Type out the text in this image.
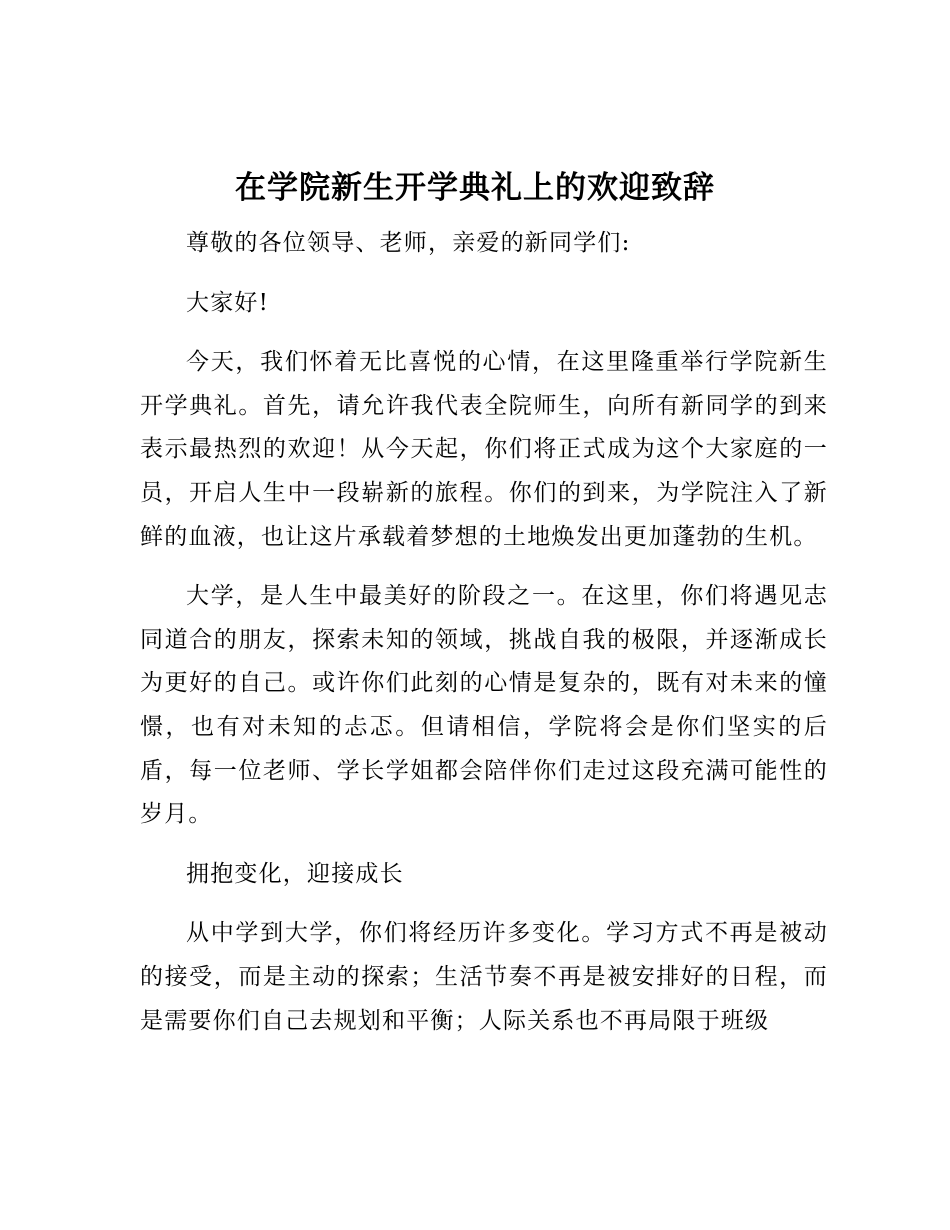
在学院新生开学典礼上的欢迎致辞

尊敬的各位领导、老师，亲爱的新同学们:

大家好!

今天，我们怀着无比喜悦的心情，在这里隆重举行学院新生开学典礼。首先，请允许我代表全院师生，向所有新同学的到来表示最热烈的欢迎！从今天起，你们将正式成为这个大家庭的一员，开启人生中一段崭新的旅程。你们的到来，为学院注入了新鲜的血液，也让这片承载着梦想的土地焕发出更加蓬勃的生机。

大学，是人生中最美好的阶段之一。在这里，你们将遇见志同道合的朋友，探索未知的领域，挑战自我的极限，并逐渐成长为更好的自己。或许你们此刻的心情是复杂的，既有对未来的憧憬，也有对未知的忐忑。但请相信，学院将会是你们坚实的后盾，每一位老师、学长学姐都会陪伴你们走过这段充满可能性的岁月。

拥抱变化，迎接成长

从中学到大学，你们将经历许多变化。学习方式不再是被动的接受，而是主动的探索；生活节奏不再是被安排好的日程，而是需要你们自己去规划和平衡；人际关系也不再局限于班级
